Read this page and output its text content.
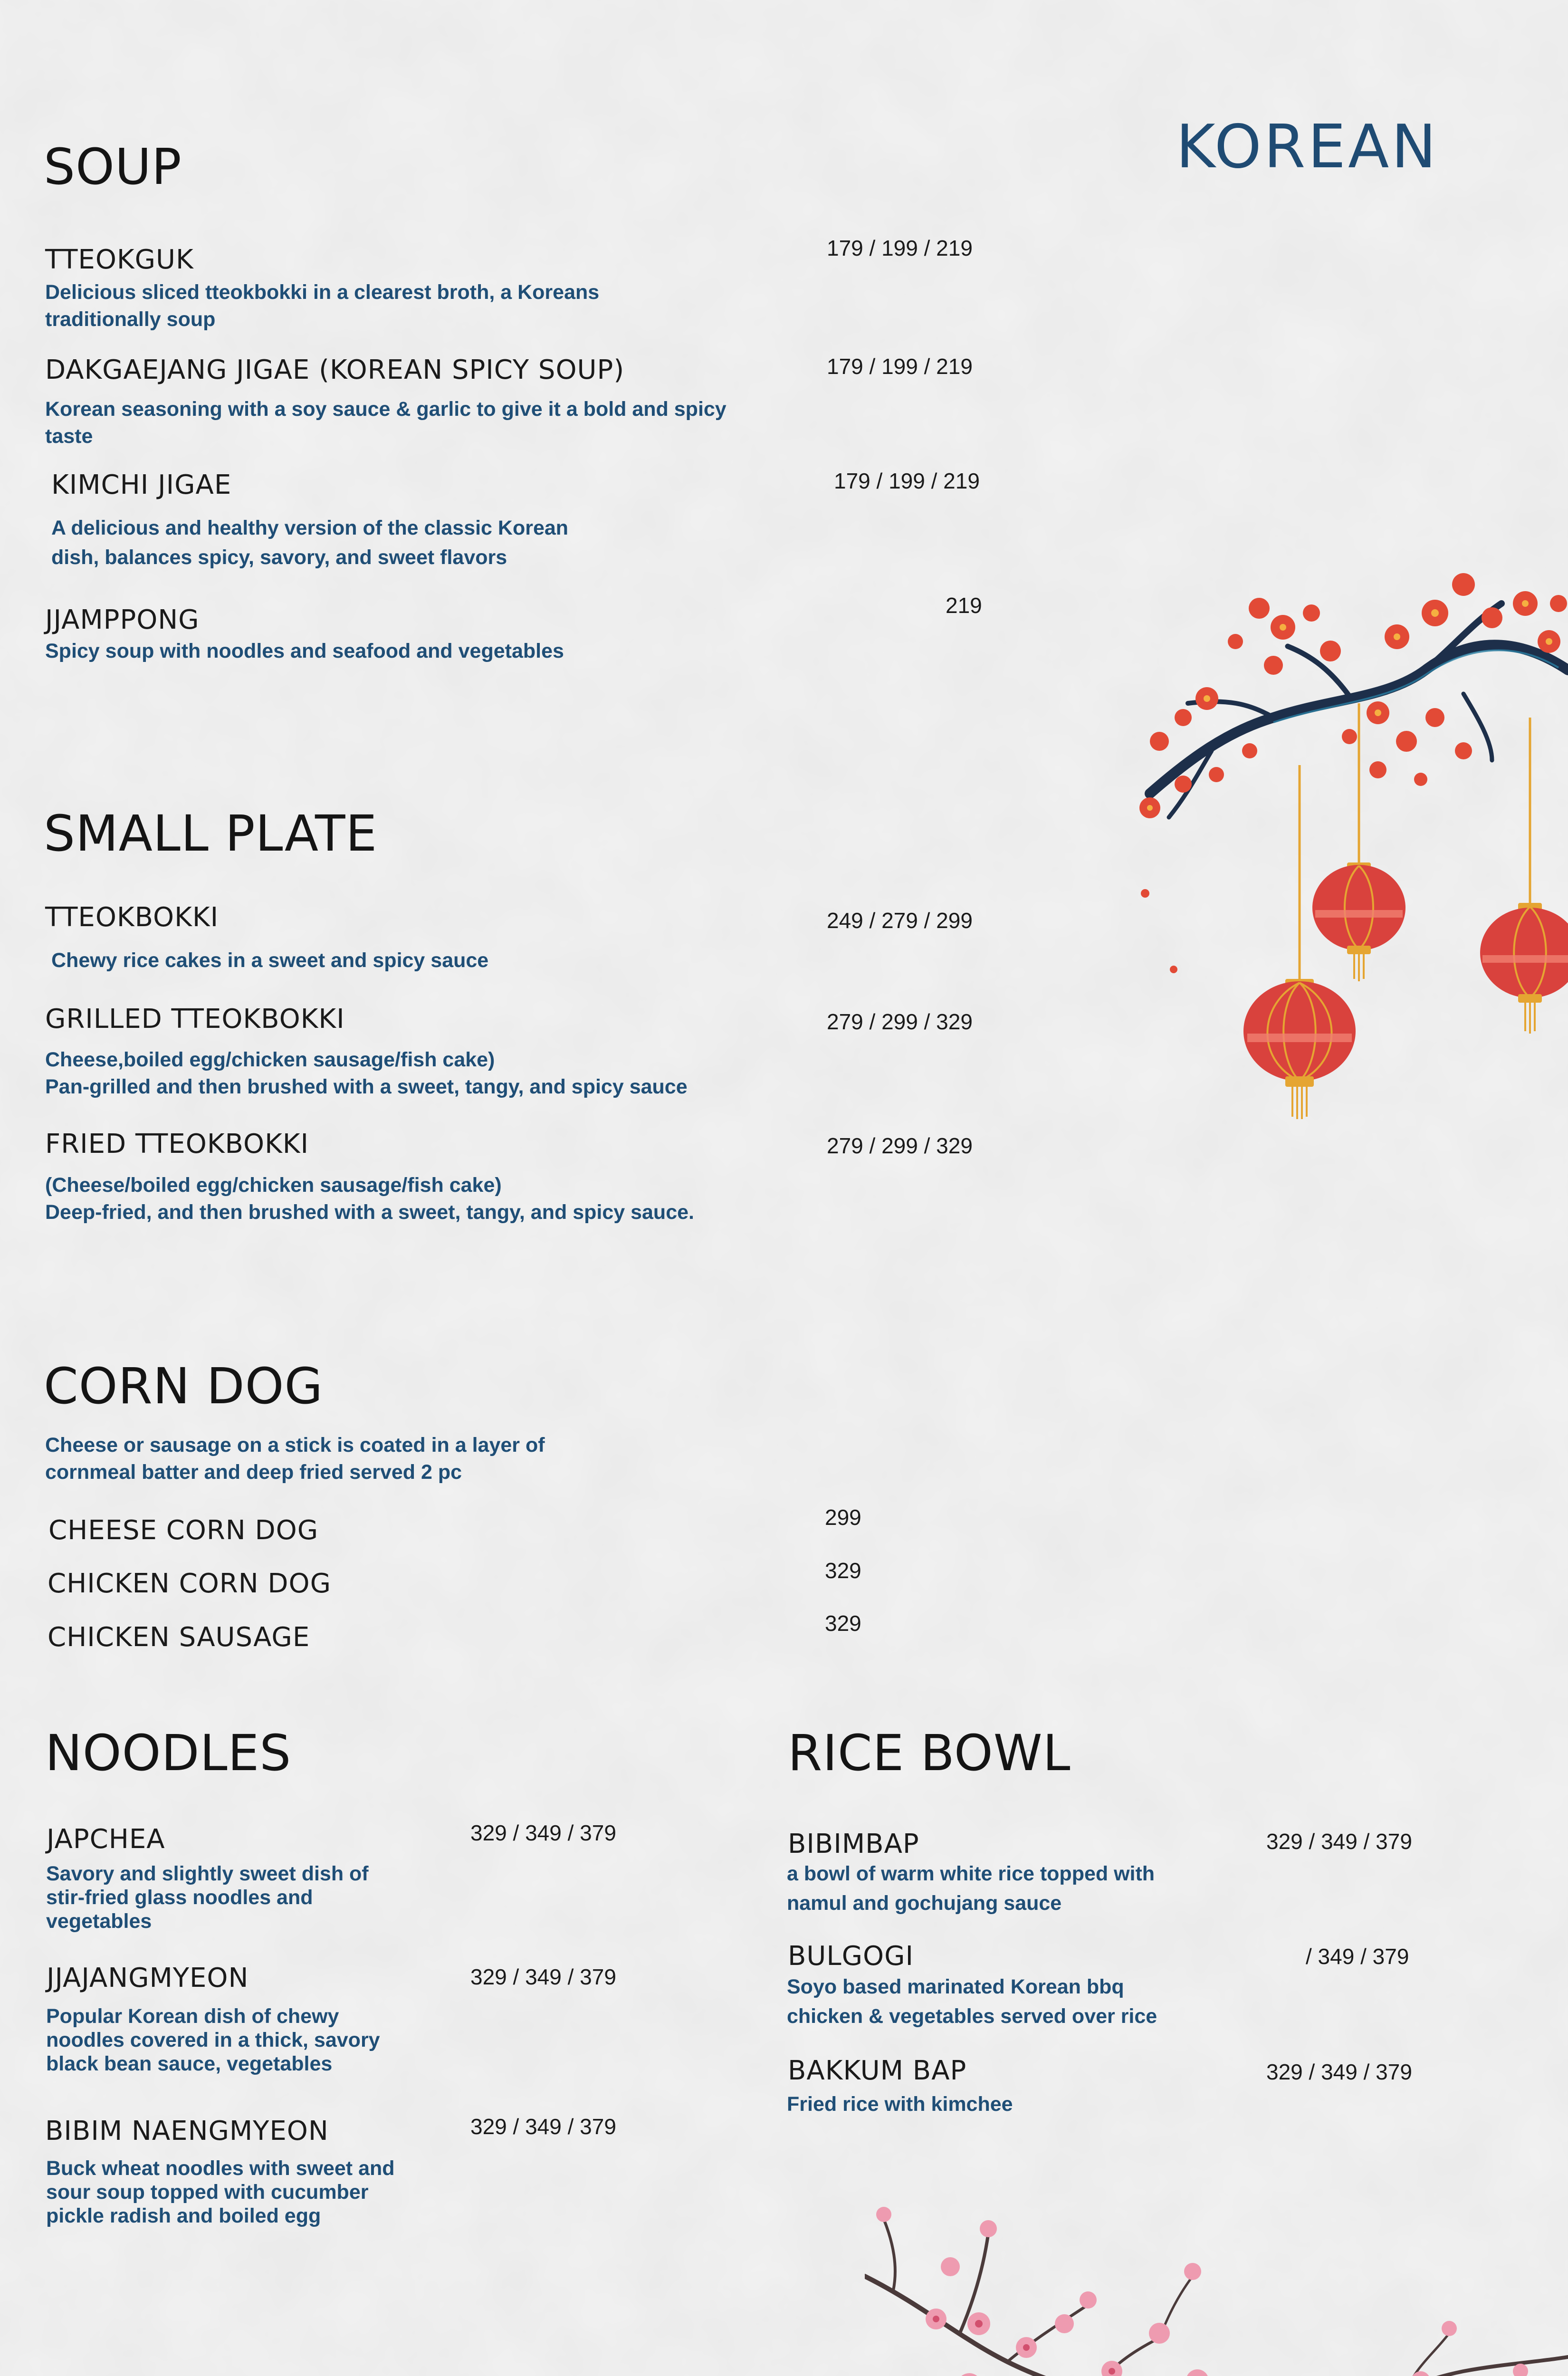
KOREAN
SOUP
TTEOKGUK	179 / 199 / 219
Delicious sliced tteokbokki in a clearest broth, a Koreans
traditionally soup
DAKGAEJANG JIGAE (KOREAN SPICY SOUP)	179 / 199 / 219
Korean seasoning with a soy sauce & garlic to give it a bold and spicy
taste
KIMCHI JIGAE	179 / 199 / 219
A delicious and healthy version of the classic Korean
dish, balances spicy, savory, and sweet flavors
JJAMPPONG	219
Spicy soup with noodles and seafood and vegetables
SMALL PLATE
TTEOKBOKKI	249 / 279 / 299
Chewy rice cakes in a sweet and spicy sauce
GRILLED TTEOKBOKKI	279 / 299 / 329
Cheese,boiled egg/chicken sausage/fish cake)
Pan-grilled and then brushed with a sweet, tangy, and spicy sauce
FRIED TTEOKBOKKI	279 / 299 / 329
(Cheese/boiled egg/chicken sausage/fish cake)
Deep-fried, and then brushed with a sweet, tangy, and spicy sauce.
CORN DOG
Cheese or sausage on a stick is coated in a layer of
cornmeal batter and deep fried served 2 pc
CHEESE CORN DOG	299
CHICKEN CORN DOG	329
CHICKEN SAUSAGE	329
NOODLES
JAPCHEA	329 / 349 / 379
Savory and slightly sweet dish of
stir-fried glass noodles and
vegetables
JJAJANGMYEON	329 / 349 / 379
Popular Korean dish of chewy
noodles covered in a thick, savory
black bean sauce, vegetables
BIBIM NAENGMYEON	329 / 349 / 379
Buck wheat noodles with sweet and
sour soup topped with cucumber
pickle radish and boiled egg
RICE BOWL
BIBIMBAP	329 / 349 / 379
a bowl of warm white rice topped with
namul and gochujang sauce
BULGOGI	/ 349 / 379
Soyo based marinated Korean bbq
chicken & vegetables served over rice
BAKKUM BAP	329 / 349 / 379
Fried rice with kimchee
